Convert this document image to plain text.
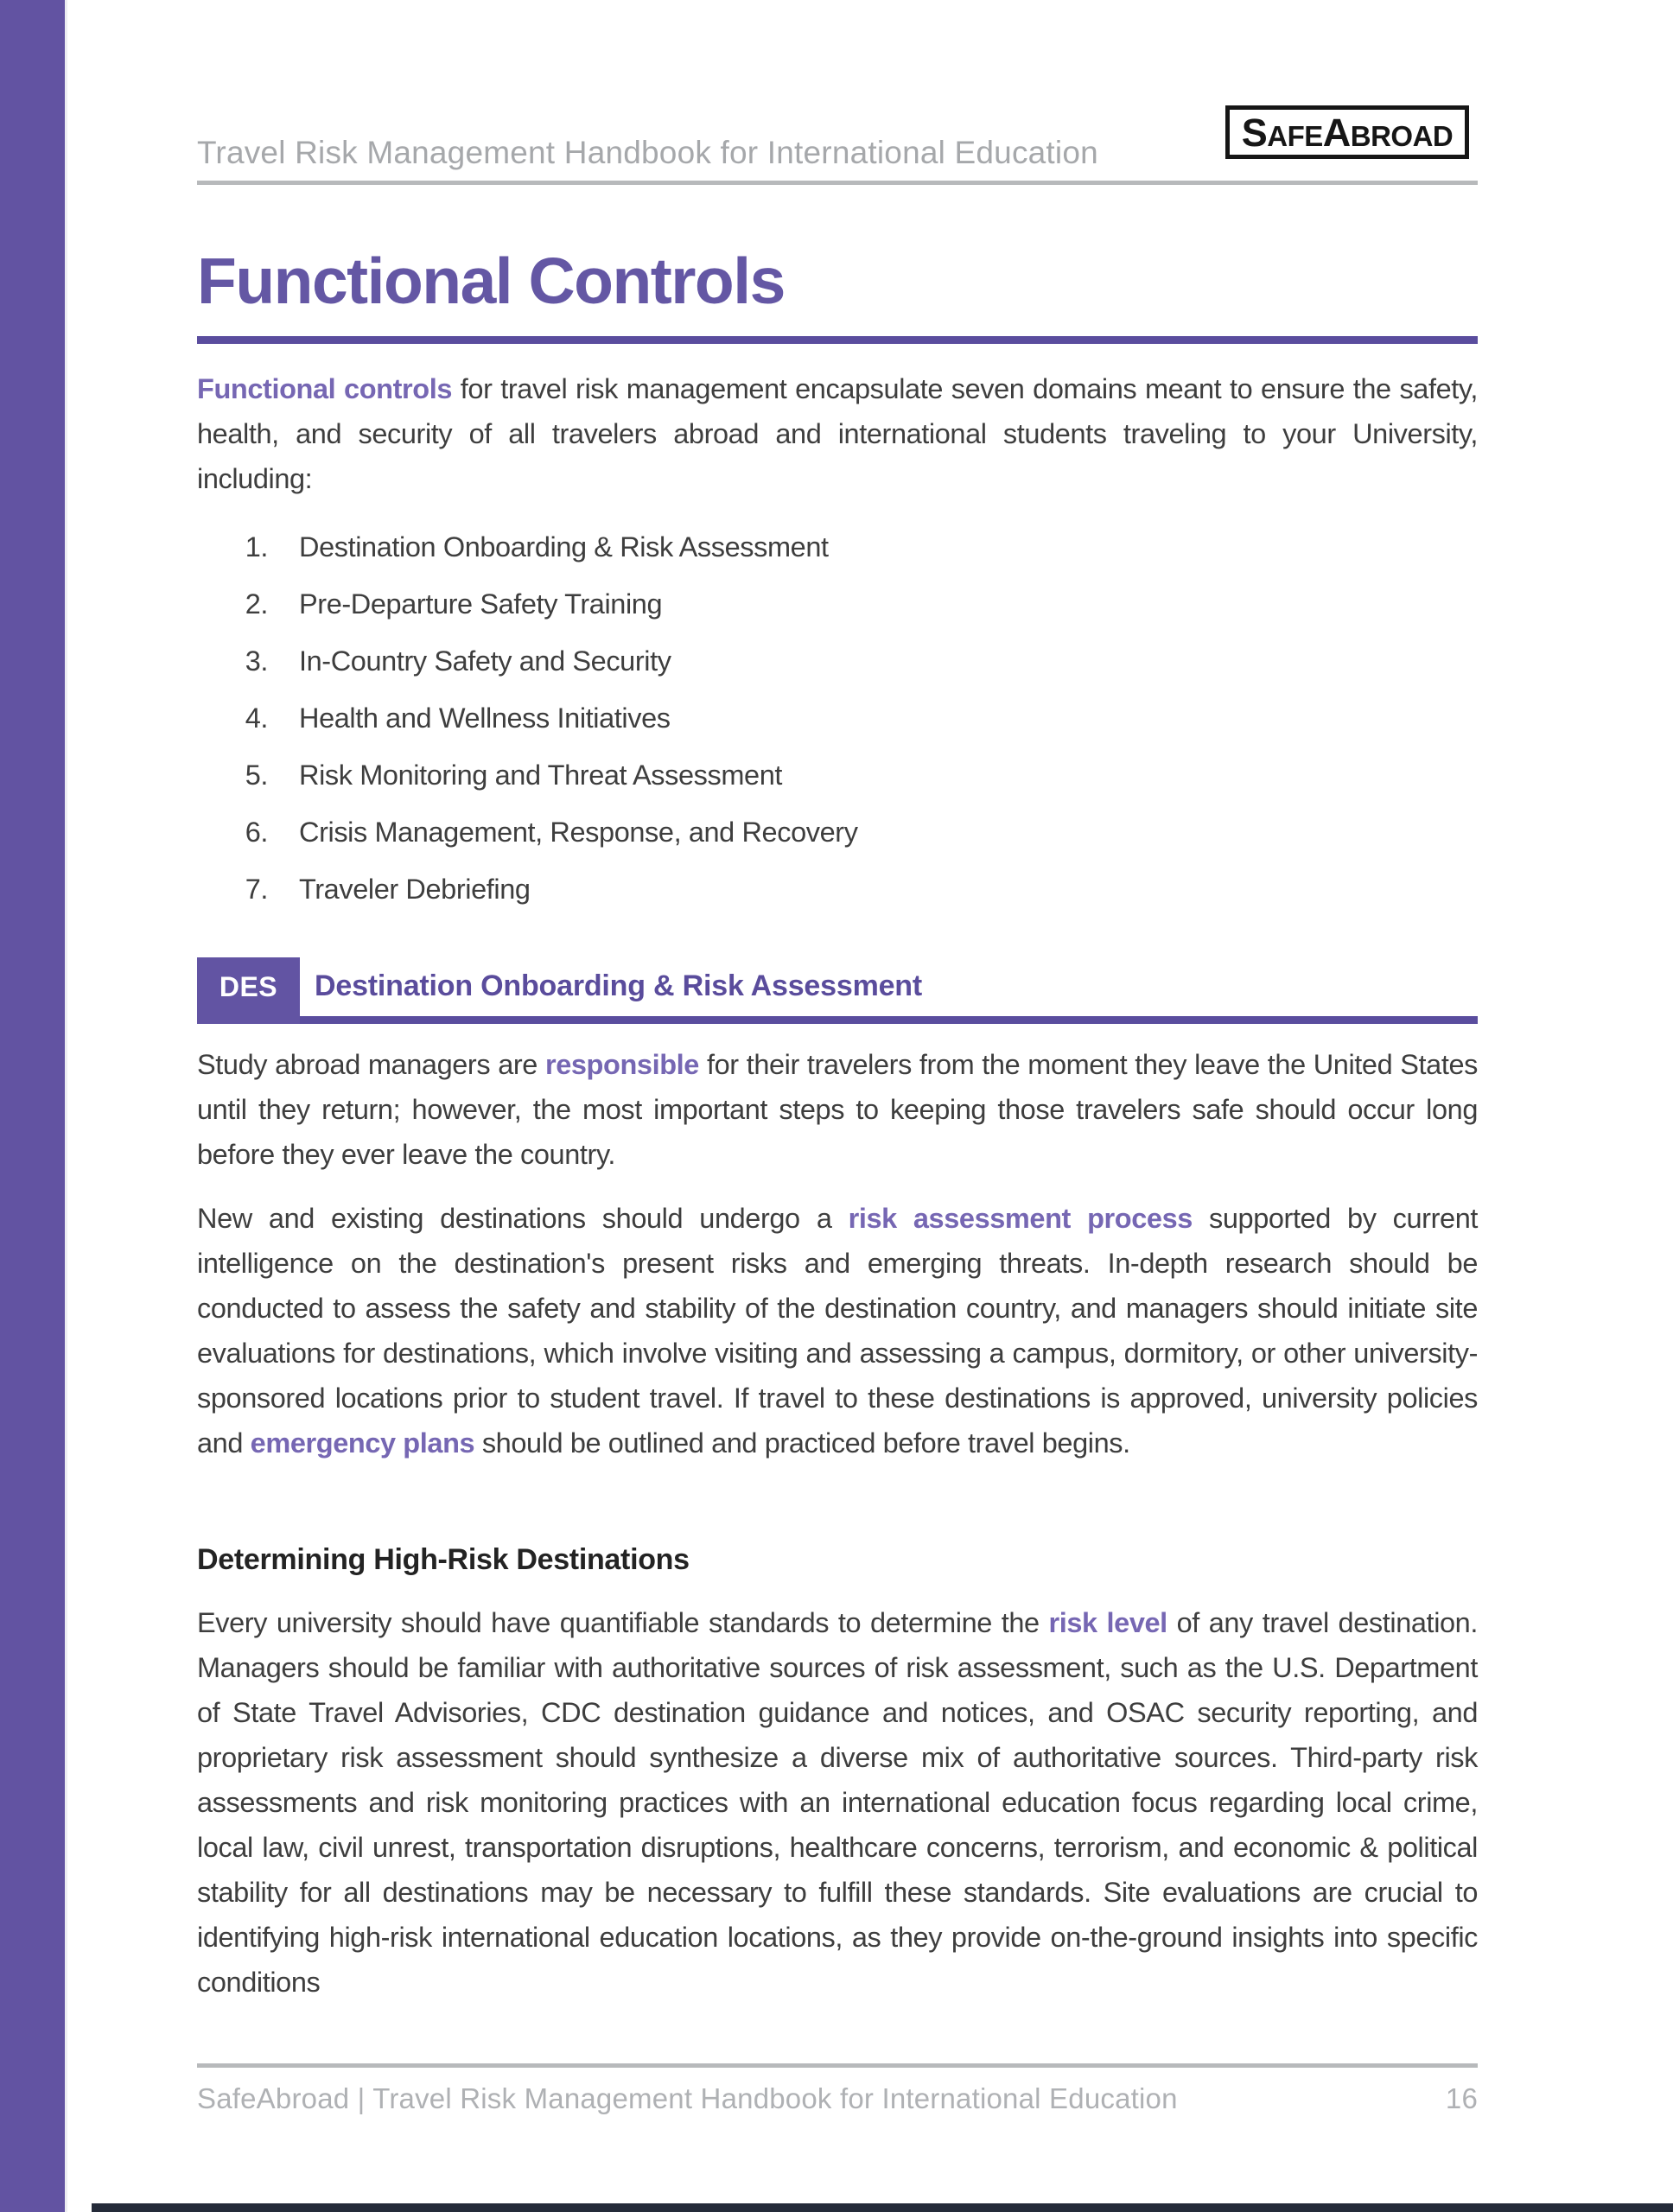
Travel Risk Management Handbook for International Education	SAFEABROAD
Functional Controls

Functional controls for travel risk management encapsulate seven domains meant to ensure the safety, health, and security of all travelers abroad and international students traveling to your University, including:

1. Destination Onboarding & Risk Assessment
2. Pre-Departure Safety Training
3. In-Country Safety and Security
4. Health and Wellness Initiatives
5. Risk Monitoring and Threat Assessment
6. Crisis Management, Response, and Recovery
7. Traveler Debriefing
DES Destination Onboarding & Risk Assessment

Study abroad managers are responsible for their travelers from the moment they leave the United States until they return; however, the most important steps to keeping those travelers safe should occur long before they ever leave the country.

New and existing destinations should undergo a risk assessment process supported by current intelligence on the destination's present risks and emerging threats. In-depth research should be conducted to assess the safety and stability of the destination country, and managers should initiate site evaluations for destinations, which involve visiting and assessing a campus, dormitory, or other university-sponsored locations prior to student travel. If travel to these destinations is approved, university policies and emergency plans should be outlined and practiced before travel begins.

Determining High-Risk Destinations

Every university should have quantifiable standards to determine the risk level of any travel destination. Managers should be familiar with authoritative sources of risk assessment, such as the U.S. Department of State Travel Advisories, CDC destination guidance and notices, and OSAC security reporting, and proprietary risk assessment should synthesize a diverse mix of authoritative sources. Third-party risk assessments and risk monitoring practices with an international education focus regarding local crime, local law, civil unrest, transportation disruptions, healthcare concerns, terrorism, and economic & political stability for all destinations may be necessary to fulfill these standards. Site evaluations are crucial to identifying high-risk international education locations, as they provide on-the-ground insights into specific conditions

SafeAbroad | Travel Risk Management Handbook for International Education	16
